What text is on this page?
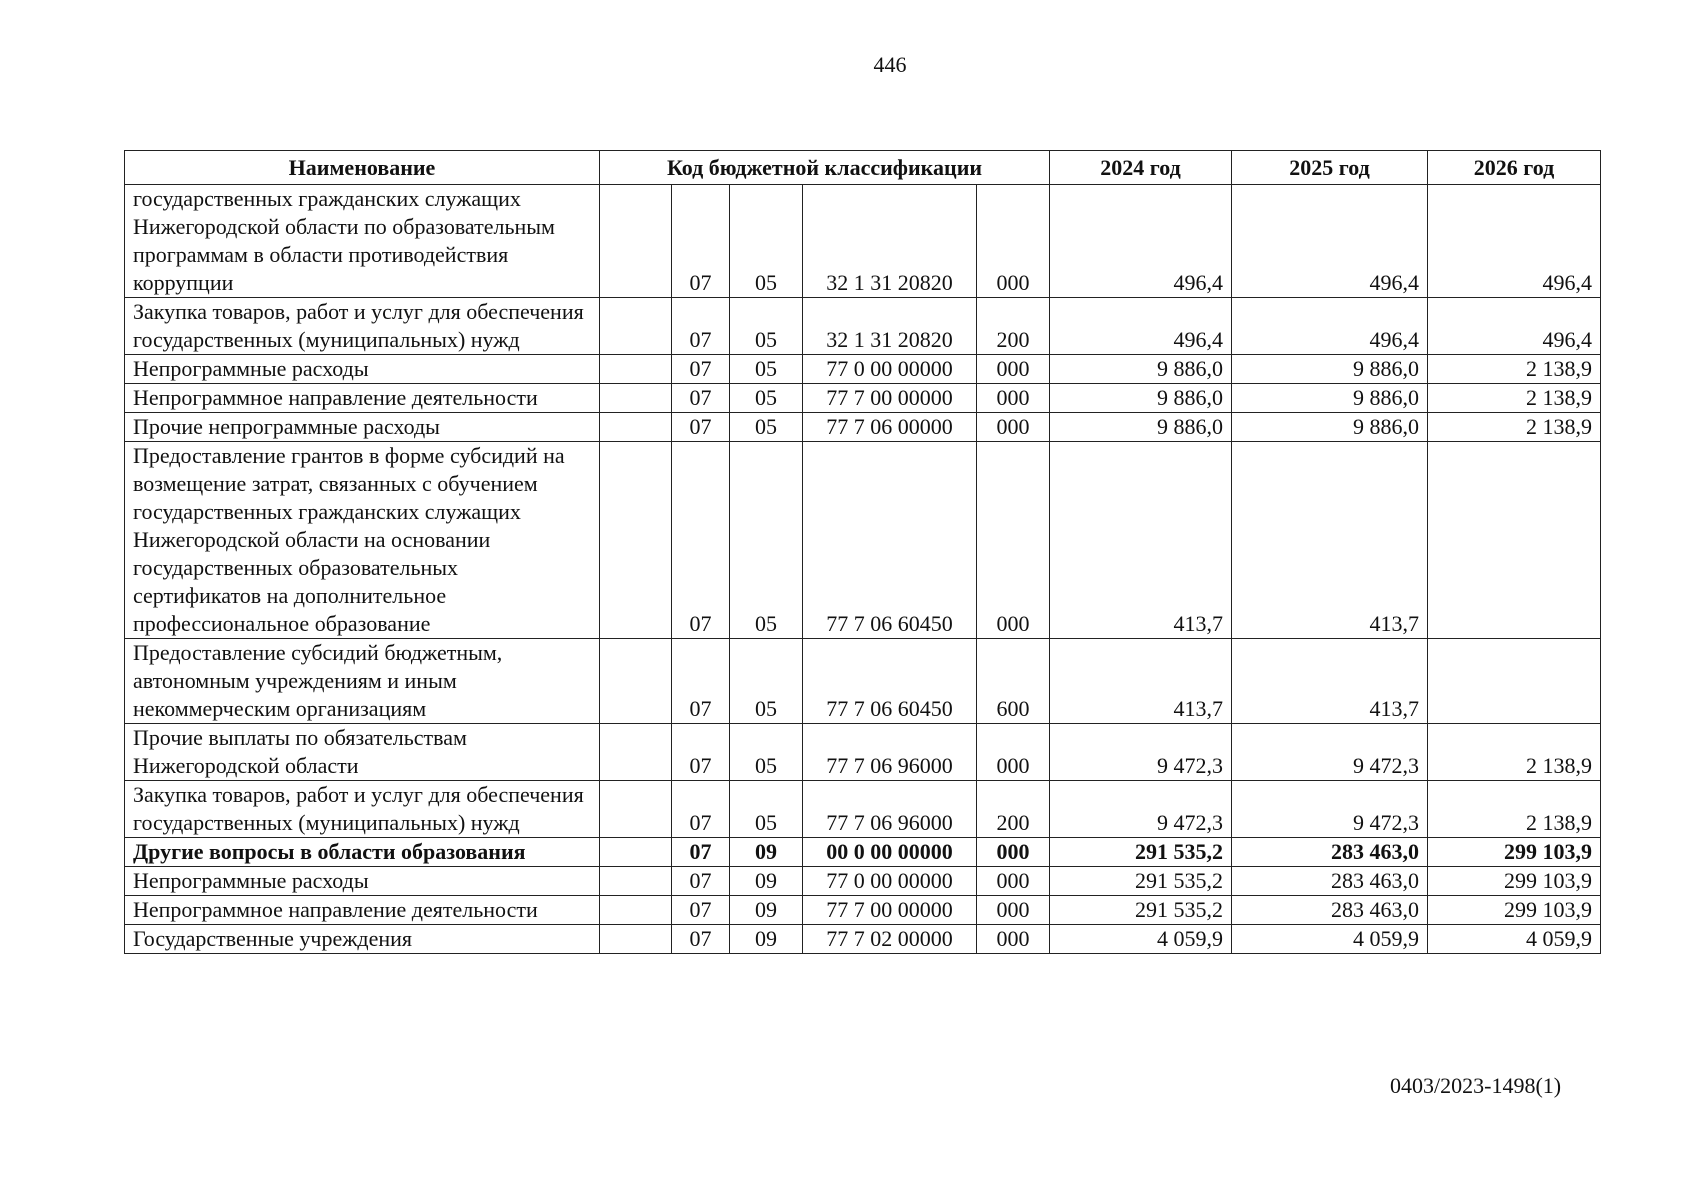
446
Наименование	Код бюджетной классификации					2024 год	2025 год	2026 год
государственных гражданских служащих Нижегородской области по образовательным программам в области противодействия коррупции		07	05	32 1 31 20820	000	496,4	496,4	496,4
Закупка товаров, работ и услуг для обеспечения государственных (муниципальных) нужд		07	05	32 1 31 20820	200	496,4	496,4	496,4
Непрограммные расходы		07	05	77 0 00 00000	000	9 886,0	9 886,0	2 138,9
Непрограммное направление деятельности		07	05	77 7 00 00000	000	9 886,0	9 886,0	2 138,9
Прочие непрограммные расходы		07	05	77 7 06 00000	000	9 886,0	9 886,0	2 138,9
Предоставление грантов в форме субсидий на возмещение затрат, связанных с обучением государственных гражданских служащих Нижегородской области на основании государственных образовательных сертификатов на дополнительное профессиональное образование		07	05	77 7 06 60450	000	413,7	413,7	
Предоставление субсидий бюджетным, автономным учреждениям и иным некоммерческим организациям		07	05	77 7 06 60450	600	413,7	413,7	
Прочие выплаты по обязательствам Нижегородской области		07	05	77 7 06 96000	000	9 472,3	9 472,3	2 138,9
Закупка товаров, работ и услуг для обеспечения государственных (муниципальных) нужд		07	05	77 7 06 96000	200	9 472,3	9 472,3	2 138,9
Другие вопросы в области образования		07	09	00 0 00 00000	000	291 535,2	283 463,0	299 103,9
Непрограммные расходы		07	09	77 0 00 00000	000	291 535,2	283 463,0	299 103,9
Непрограммное направление деятельности		07	09	77 7 00 00000	000	291 535,2	283 463,0	299 103,9
Государственные учреждения		07	09	77 7 02 00000	000	4 059,9	4 059,9	4 059,9
0403/2023-1498(1)
